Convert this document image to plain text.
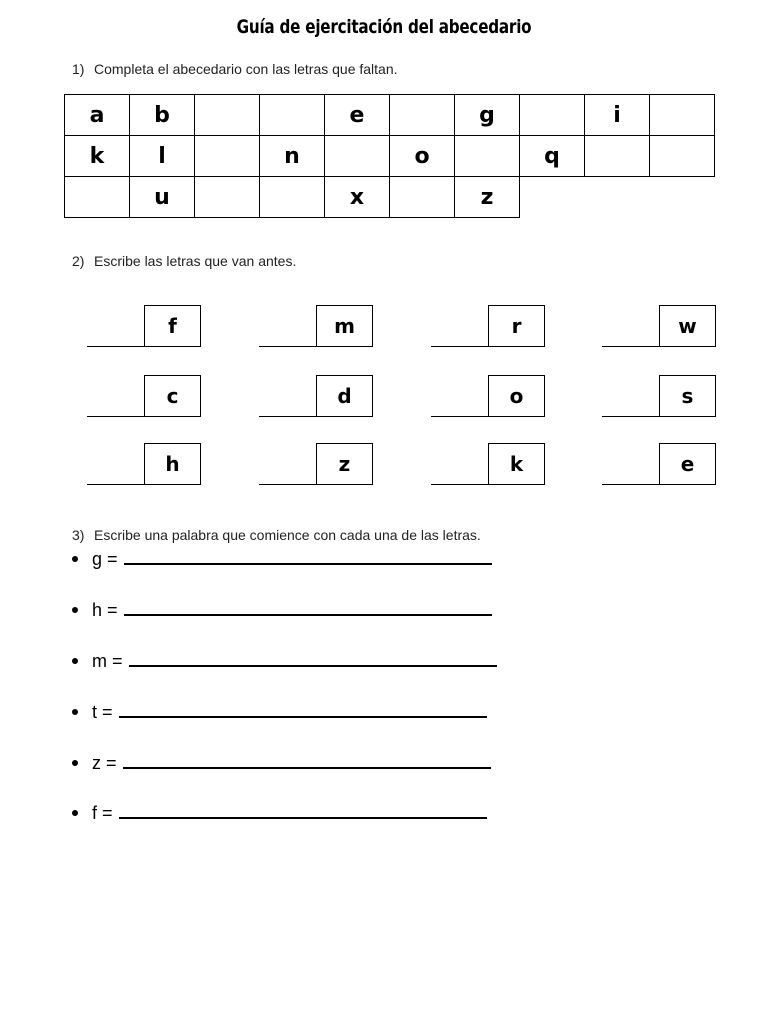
Guía de ejercitación del abecedario
1) Completa el abecedario con las letras que faltan.
a	b			e		g		i	
k	l		n		o		q		
	u			x		z			
2) Escribe las letras que van antes.
f	m	r	w
c	d	o	s
h	z	k	e
3) Escribe una palabra que comience con cada una de las letras.
g =
h =
m =
t =
z =
f =
